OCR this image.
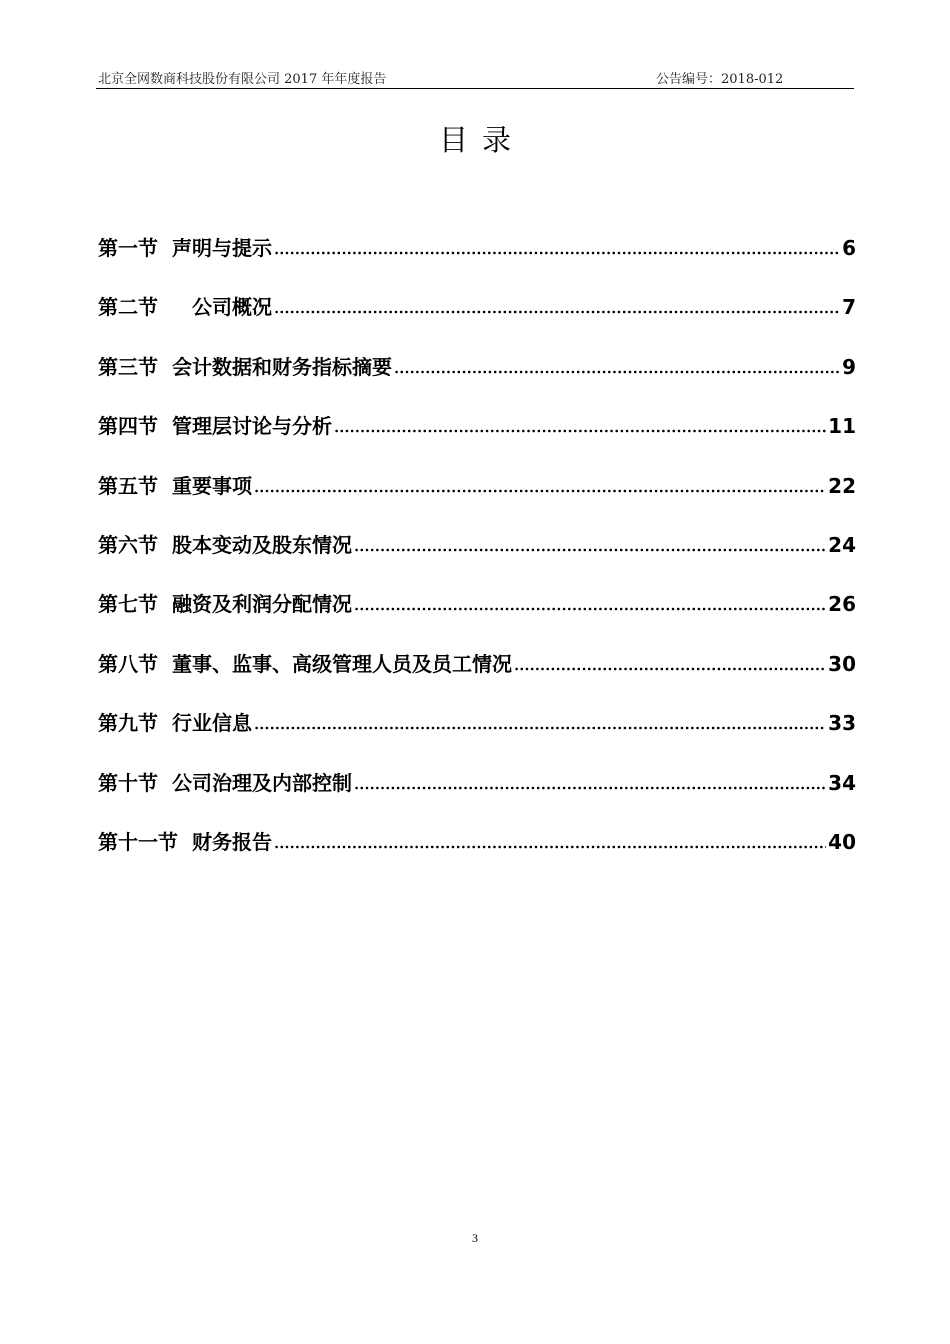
北京全网数商科技股份有限公司 2017 年年度报告	公告编号：2018-012
目录
第一节 声明与提示	6
第二节 公司概况	7
第三节 会计数据和财务指标摘要	9
第四节 管理层讨论与分析	11
第五节 重要事项	22
第六节 股本变动及股东情况	24
第七节 融资及利润分配情况	26
第八节 董事、监事、高级管理人员及员工情况	30
第九节 行业信息	33
第十节 公司治理及内部控制	34
第十一节 财务报告	40
3
